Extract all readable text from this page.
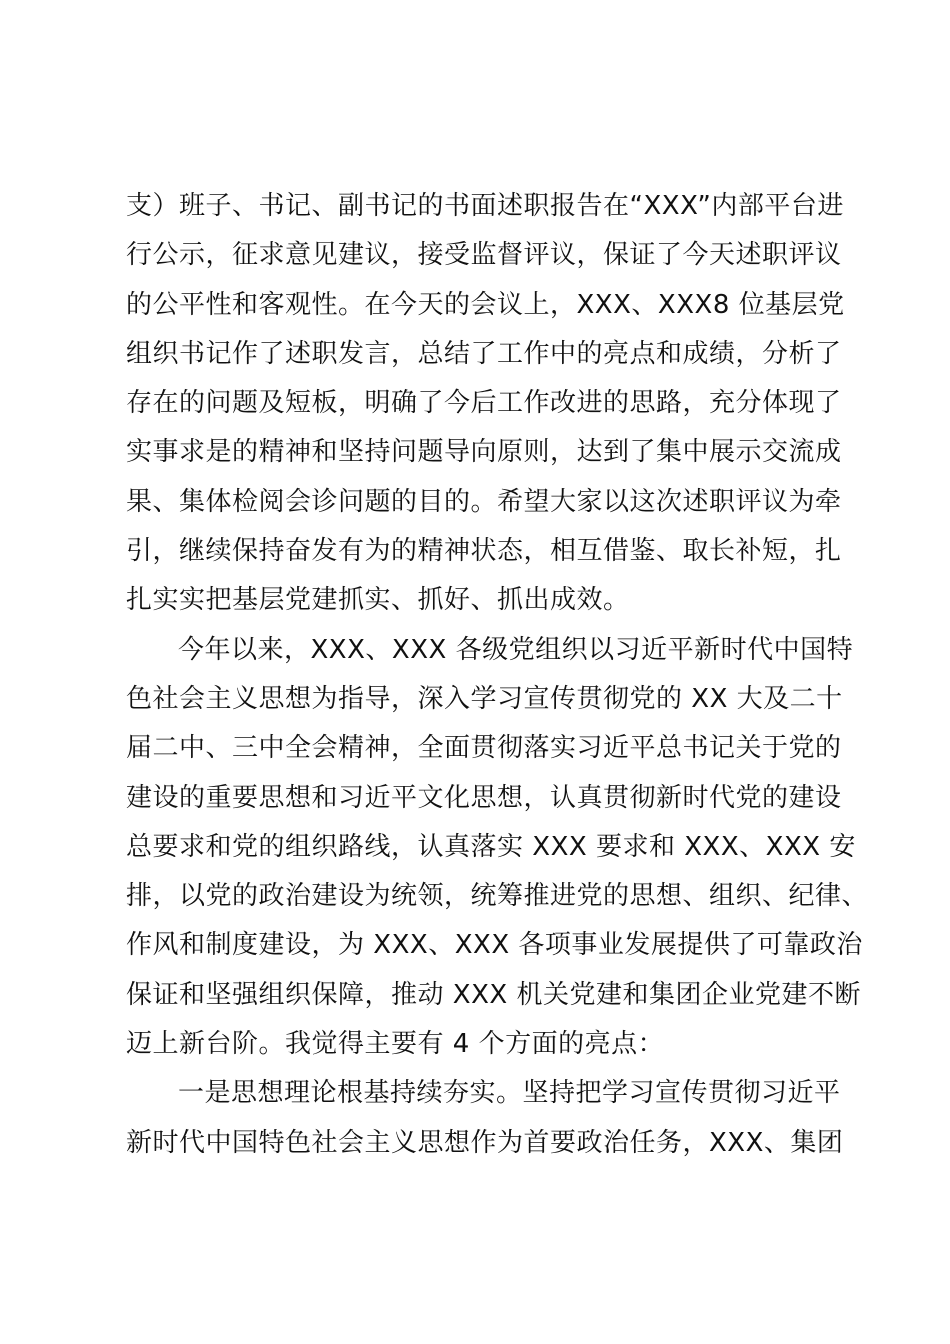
支）班子、书记、副书记的书面述职报告在“XXX”内部平台进
行公示，征求意见建议，接受监督评议，保证了今天述职评议
的公平性和客观性。在今天的会议上，XXX、XXX8 位基层党
组织书记作了述职发言，总结了工作中的亮点和成绩，分析了
存在的问题及短板，明确了今后工作改进的思路，充分体现了
实事求是的精神和坚持问题导向原则，达到了集中展示交流成
果、集体检阅会诊问题的目的。希望大家以这次述职评议为牵
引，继续保持奋发有为的精神状态，相互借鉴、取长补短，扎
扎实实把基层党建抓实、抓好、抓出成效。
今年以来，XXX、XXX 各级党组织以习近平新时代中国特
色社会主义思想为指导，深入学习宣传贯彻党的 XX 大及二十
届二中、三中全会精神，全面贯彻落实习近平总书记关于党的
建设的重要思想和习近平文化思想，认真贯彻新时代党的建设
总要求和党的组织路线，认真落实 XXX 要求和 XXX、XXX 安
排，以党的政治建设为统领，统筹推进党的思想、组织、纪律、
作风和制度建设，为 XXX、XXX 各项事业发展提供了可靠政治
保证和坚强组织保障，推动 XXX 机关党建和集团企业党建不断
迈上新台阶。我觉得主要有 4 个方面的亮点：
一是思想理论根基持续夯实。坚持把学习宣传贯彻习近平
新时代中国特色社会主义思想作为首要政治任务，XXX、集团
